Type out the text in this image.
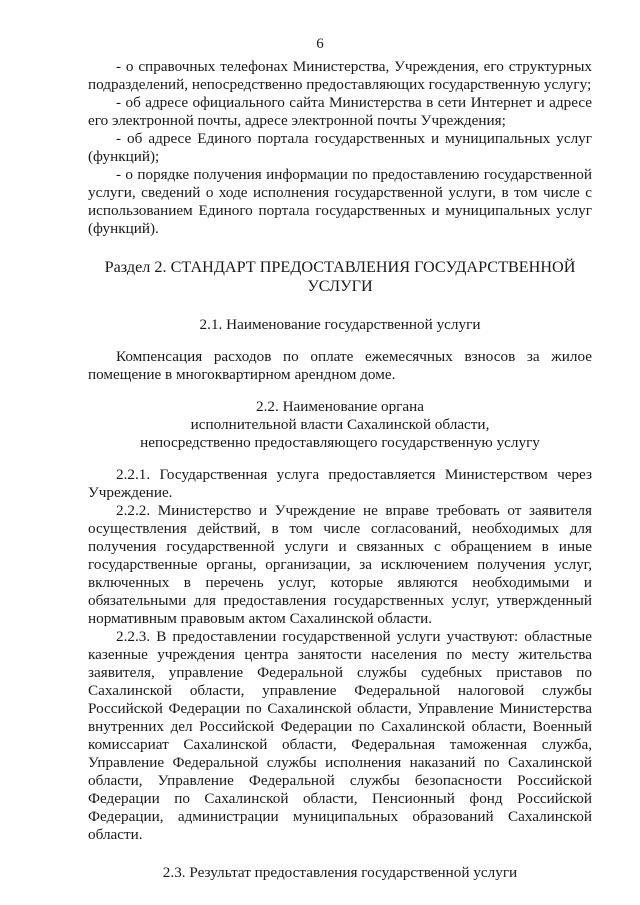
6

- о справочных телефонах Министерства, Учреждения, его структурных подразделений, непосредственно предоставляющих государственную услугу;

- об адресе официального сайта Министерства в сети Интернет и адресе его электронной почты, адресе электронной почты Учреждения;

- об адресе Единого портала государственных и муниципальных услуг (функций);

- о порядке получения информации по предоставлению государственной услуги, сведений о ходе исполнения государственной услуги, в том числе с использованием Единого портала государственных и муниципальных услуг (функций).

Раздел 2. СТАНДАРТ ПРЕДОСТАВЛЕНИЯ ГОСУДАРСТВЕННОЙ
УСЛУГИ

2.1. Наименование государственной услуги

Компенсация расходов по оплате ежемесячных взносов за жилое помещение в многоквартирном арендном доме.

2.2. Наименование органа
исполнительной власти Сахалинской области,
непосредственно предоставляющего государственную услугу

2.2.1. Государственная услуга предоставляется Министерством через Учреждение.

2.2.2. Министерство и Учреждение не вправе требовать от заявителя осуществления действий, в том числе согласований, необходимых для получения государственной услуги и связанных с обращением в иные государственные органы, организации, за исключением получения услуг, включенных в перечень услуг, которые являются необходимыми и обязательными для предоставления государственных услуг, утвержденный нормативным правовым актом Сахалинской области.

2.2.3. В предоставлении государственной услуги участвуют: областные казенные учреждения центра занятости населения по месту жительства заявителя, управление Федеральной службы судебных приставов по Сахалинской области, управление Федеральной налоговой службы Российской Федерации по Сахалинской области, Управление Министерства внутренних дел Российской Федерации по Сахалинской области, Военный комиссариат Сахалинской области, Федеральная таможенная служба, Управление Федеральной службы исполнения наказаний по Сахалинской области, Управление Федеральной службы безопасности Российской Федерации по Сахалинской области, Пенсионный фонд Российской Федерации, администрации муниципальных образований Сахалинской области.

2.3. Результат предоставления государственной услуги
